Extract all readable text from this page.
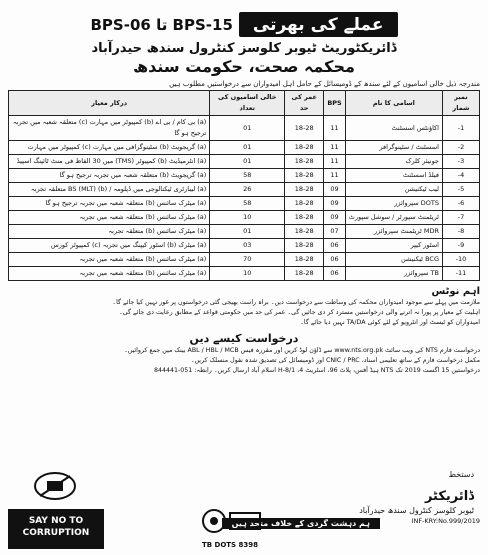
عملے کی بھرتی
BPS-06 تا BPS-15
ڈائریکٹوریٹ ٹیوبر کلوسز کنٹرول سندھ حیدرآباد
محکمہ صحت، حکومت سندھ
مندرجہ ذیل خالی اسامیوں کے لئے سندھ کے ڈومیسائل کے حامل اہل امیدواران سے درخواستیں مطلوب ہیں
نمبر شمار	اسامی کا نام	BPS	عمر کی حد	خالی اسامیوں کی تعداد	درکار معیار
1-	اکاؤنٹس اسسٹنٹ	11	18-28	01	(a) بی کام / بی اے (b) کمپیوٹر میں مہارت (c) متعلقہ شعبہ میں تجربہ ترجیح ہو گا
2-	اسسٹنٹ / سٹینوگرافر	11	18-28	01	(a) گریجویٹ (b) سٹینوگرافی میں مہارت (c) کمپیوٹر میں مہارت
3-	جونیئر کلرک	11	18-28	01	(a) انٹرمیڈیٹ (b) کمپیوٹر (TMS) میں 30 الفاظ فی منٹ ٹائپنگ اسپیڈ
4-	فیلڈ اسسٹنٹ	11	18-28	58	(a) گریجویٹ (b) متعلقہ شعبہ میں تجربہ ترجیح ہو گا
5-	لیب ٹیکنیشن	09	18-28	26	(a) لیبارٹری ٹیکنالوجی میں ڈپلومہ / BS (MLT) (b) متعلقہ تجربہ
6-	DOTS سپروائزر	09	18-28	58	(a) میٹرک سائنس (b) متعلقہ شعبہ میں تجربہ ترجیح ہو گا
7-	ٹریٹمنٹ سپورٹر / سوشل سپورٹ	09	18-28	10	(a) میٹرک سائنس (b) متعلقہ شعبہ میں تجربہ
8-	MDR ٹریٹمنٹ سپروائزر	07	18-28	01	(a) میٹرک سائنس (b) متعلقہ تجربہ
9-	اسٹور کیپر	06	18-28	03	(a) میٹرک (b) اسٹور کیپنگ میں تجربہ (c) کمپیوٹر کورس
10-	BCG ٹیکنیشن	06	18-28	70	(a) میٹرک سائنس (b) متعلقہ شعبہ میں تجربہ
11-	TB سپروائزر	06	18-28	10	(a) میٹرک سائنس (b) متعلقہ شعبہ میں تجربہ
اہم نوٹس
ملازمت میں پہلے سے موجود امیدواران محکمہ کی وساطت سے درخواست دیں۔ براہ راست بھیجی گئی درخواستوں پر غور نہیں کیا جائے گا۔
اہلیت کے معیار پر پورا نہ اترنے والی درخواستیں مسترد کر دی جائیں گی۔ عمر کی حد میں حکومتی قواعد کے مطابق رعایت دی جائے گی۔
امیدواران کو ٹیسٹ اور انٹرویو کے لئے کوئی TA/DA نہیں دیا جائے گا۔
درخواست کیسے دیں
درخواست فارم NTS کی ویب سائٹ www.nts.org.pk سے ڈاؤن لوڈ کریں اور مقررہ فیس ABL / HBL / MCB بینک میں جمع کروائیں۔
مکمل درخواست فارم کے ساتھ تعلیمی اسناد، CNIC / PRC اور ڈومیسائل کی تصدیق شدہ نقول منسلک کریں۔
درخواستیں 15 اگست 2019 تک NTS ہیڈ آفس، پلاٹ 96، اسٹریٹ 4، H-8/1 اسلام آباد ارسال کریں۔ رابطہ: 051-844441
دستخط
ڈائریکٹر
ٹیوبر کلوسز کنٹرول سندھ حیدرآباد
INF-KRY:No.999/2019
ہم دہشت گردی کے خلاف متحد ہیں
SAY NO TO CORRUPTION
TB DOTS 8398
